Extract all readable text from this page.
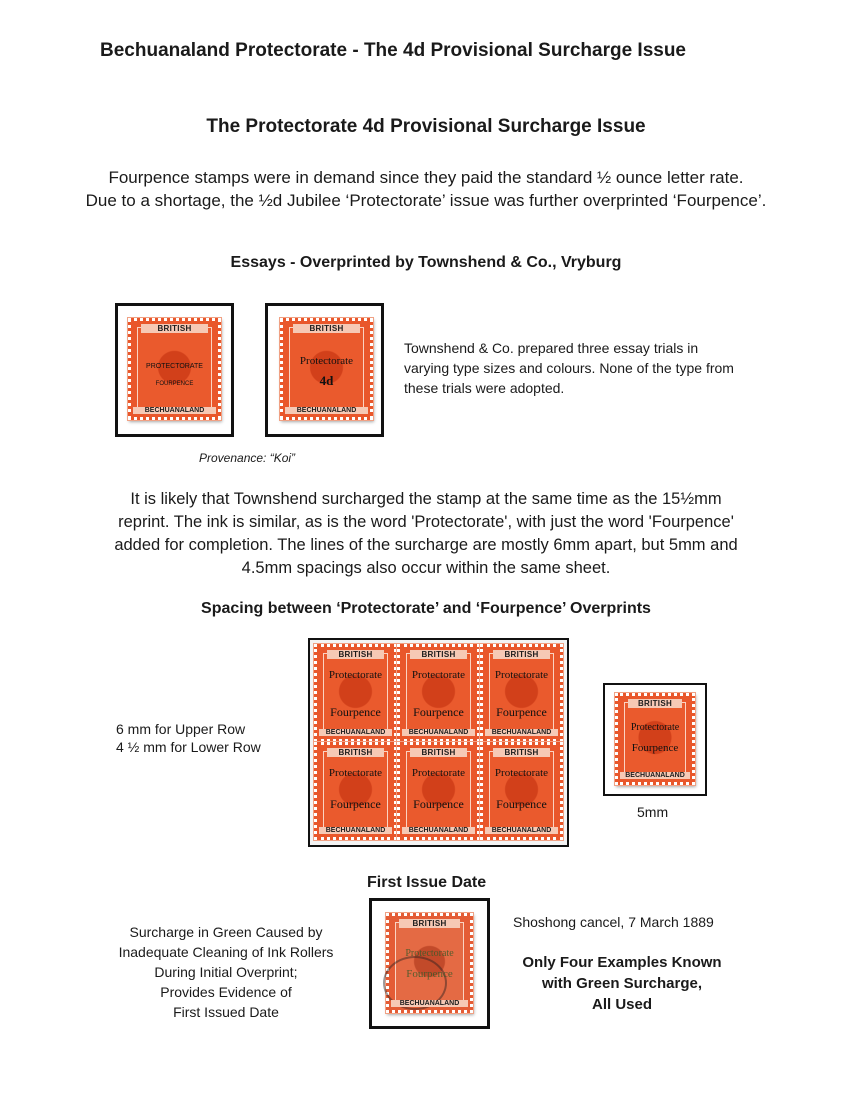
Bechuanaland Protectorate - The 4d Provisional Surcharge Issue
The Protectorate 4d Provisional Surcharge Issue
Fourpence stamps were in demand since they paid the standard ½ ounce letter rate.
Due to a shortage, the ½d Jubilee ‘Protectorate’ issue was further overprinted ‘Fourpence’.
Essays - Overprinted by Townshend & Co., Vryburg
BRITISH
PROTECTORATE
FOURPENCE
BECHUANALAND
BRITISH
Protectorate
4d
BECHUANALAND
Townshend & Co. prepared three essay trials in varying type sizes and colours. None of the type from these trials were adopted.
Provenance: “Koi”
It is likely that Townshend surcharged the stamp at the same time as the 15½mm
reprint. The ink is similar, as is the word 'Protectorate', with just the word 'Fourpence'
added for completion. The lines of the surcharge are mostly 6mm apart, but 5mm and
4.5mm spacings also occur within the same sheet.
Spacing between ‘Protectorate’ and ‘Fourpence’ Overprints
BRITISH
Protectorate
Fourpence
BECHUANALAND
BRITISH
Protectorate
Fourpence
BECHUANALAND
BRITISH
Protectorate
Fourpence
BECHUANALAND
BRITISH
Protectorate
Fourpence
BECHUANALAND
BRITISH
Protectorate
Fourpence
BECHUANALAND
BRITISH
Protectorate
Fourpence
BECHUANALAND
6 mm for Upper Row
4 ½ mm for Lower Row
BRITISH
Protectorate
Fourpence
BECHUANALAND
5mm
First Issue Date
Surcharge in Green Caused by
Inadequate Cleaning of Ink Rollers
During Initial Overprint;
Provides Evidence of
First Issued Date
BRITISH
Protectorate
Fourpence
BECHUANALAND
Shoshong cancel, 7 March 1889
Only Four Examples Known
with Green Surcharge,
All Used
